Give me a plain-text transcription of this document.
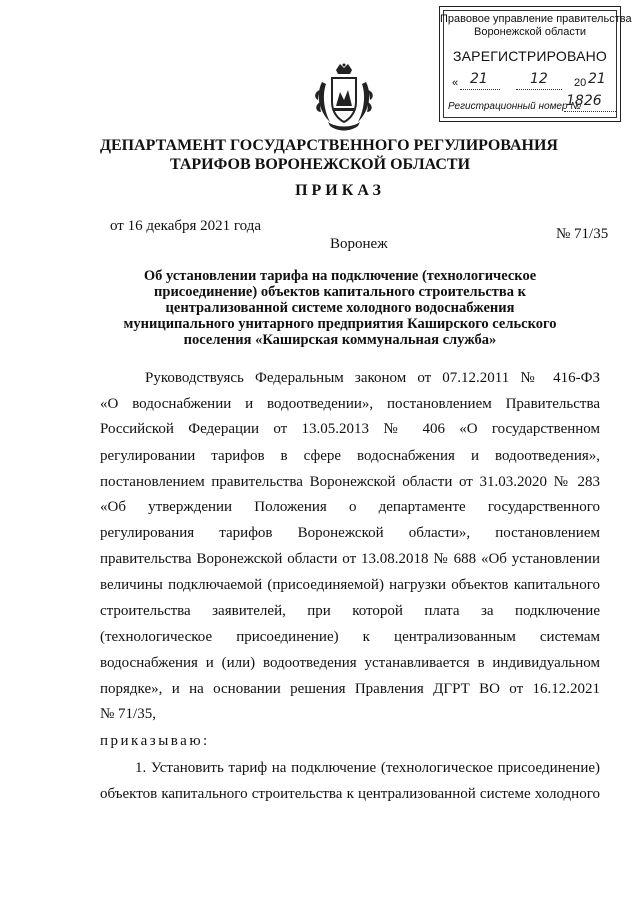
Правовое управление правительства
Воронежской области
ЗАРЕГИСТРИРОВАНО
« 21	12 20 21
Регистрационный номер №
1826
ДЕПАРТАМЕНТ ГОСУДАРСТВЕННОГО РЕГУЛИРОВАНИЯ
ТАРИФОВ ВОРОНЕЖСКОЙ ОБЛАСТИ
ПРИКАЗ
от 16 декабря 2021 года	№ 71/35
Воронеж
Об установлении тарифа на подключение (технологическое
присоединение) объектов капитального строительства к
централизованной системе холодного водоснабжения
муниципального унитарного предприятия Каширского сельского
поселения «Каширская коммунальная служба»
Руководствуясь Федеральным законом от 07.12.2011 № 416-ФЗ
«О водоснабжении и водоотведении», постановлением Правительства
Российской Федерации от 13.05.2013 № 406 «О государственном
регулировании тарифов в сфере водоснабжения и водоотведения»,
постановлением правительства Воронежской области от 31.03.2020 № 283
«Об утверждении Положения о департаменте государственного
регулирования тарифов Воронежской области», постановлением
правительства Воронежской области от 13.08.2018 № 688 «Об установлении
величины подключаемой (присоединяемой) нагрузки объектов капитального
строительства заявителей, при которой плата за подключение
(технологическое присоединение) к централизованным системам
водоснабжения и (или) водоотведения устанавливается в индивидуальном
порядке», и на основании решения Правления ДГРТ ВО от 16.12.2021
№ 71/35,
приказываю:
1. Установить тариф на подключение (технологическое присоединение)
объектов капитального строительства к централизованной системе холодного
